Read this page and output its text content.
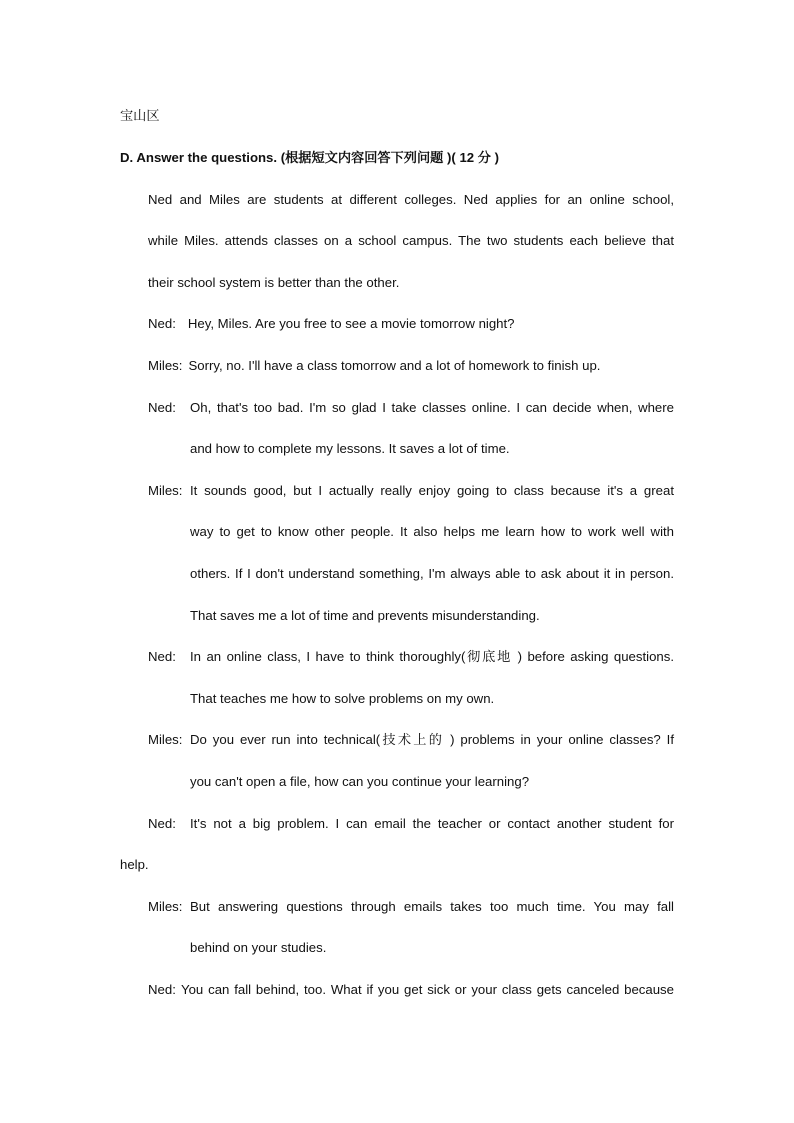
宝山区
D. Answer the questions. (根据短文内容回答下列问题 )( 12 分 )
Ned and Miles are students at different colleges. Ned applies for an online school,
while Miles. attends classes on a school campus. The two students each believe that
their school system is better than the other.
Ned: Hey, Miles. Are you free to see a movie tomorrow night?
Miles: Sorry, no. I'll have a class tomorrow and a lot of homework to finish up.
Ned: Oh, that's too bad. I'm so glad I take classes online. I can decide when, where
and how to complete my lessons. It saves a lot of time.
Miles: It sounds good, but I actually really enjoy going to class because it's a great
way to get to know other people. It also helps me learn how to work well with
others. If I don't understand something, I'm always able to ask about it in person.
That saves me a lot of time and prevents misunderstanding.
Ned: In an online class, I have to think thoroughly(彻底地 ) before asking questions.
That teaches me how to solve problems on my own.
Miles: Do you ever run into technical(技术上的 ) problems in your online classes? If
you can't open a file, how can you continue your learning?
Ned: It's not a big problem. I can email the teacher or contact another student for
help.
Miles: But answering questions through emails takes too much time. You may fall
behind on your studies.
Ned: You can fall behind, too. What if you get sick or your class gets canceled because
